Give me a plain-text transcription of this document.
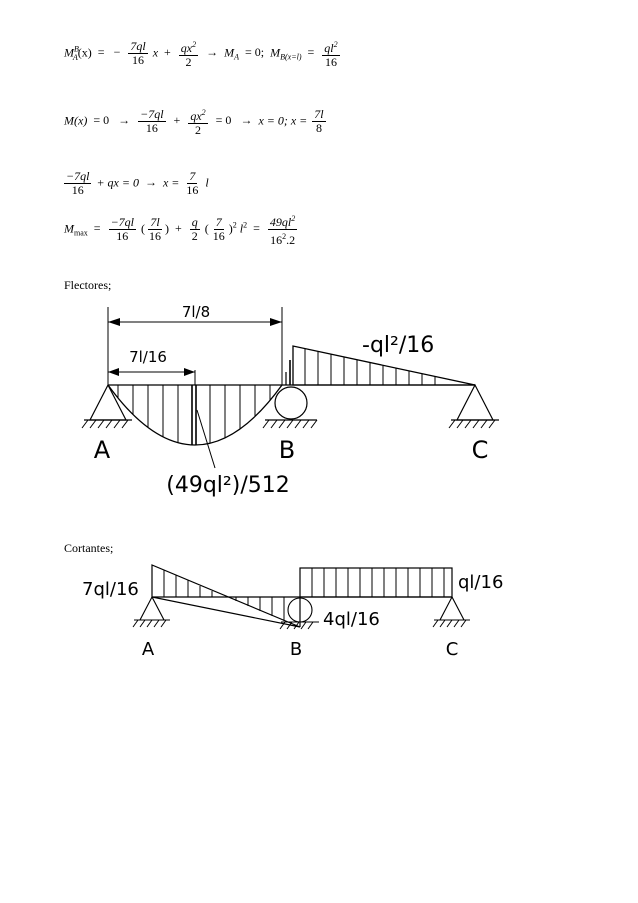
$M^B_A(x)$ = − $\frac{7ql}{16}$ $x + \frac{qx^2}{2} \to M_A = 0$; $M_{B(x=l)} = \frac{ql^2}{16}$
$M(x) = 0 \to \frac{-7ql}{16} + \frac{qx^2}{2} = 0 \to x = 0$; $x = \frac{7l}{8}$
$\frac{-7ql}{16}$ + qx = $0 \to x = \frac{7}{16}$ l
$M_{max} = \frac{-7ql}{16}$ ( $\frac{7l}{16}$ ) + $\frac{q}{2}$ ( $\frac{7}{16} )^2$ $l^2 = \frac{49ql^2}{16^2.2}$
Flectores;
7l/8
7l/16
A	B	C
-ql²/16
(49ql²)/512
Cortantes;
7ql/16
4ql/16
ql/16
A	B	C
